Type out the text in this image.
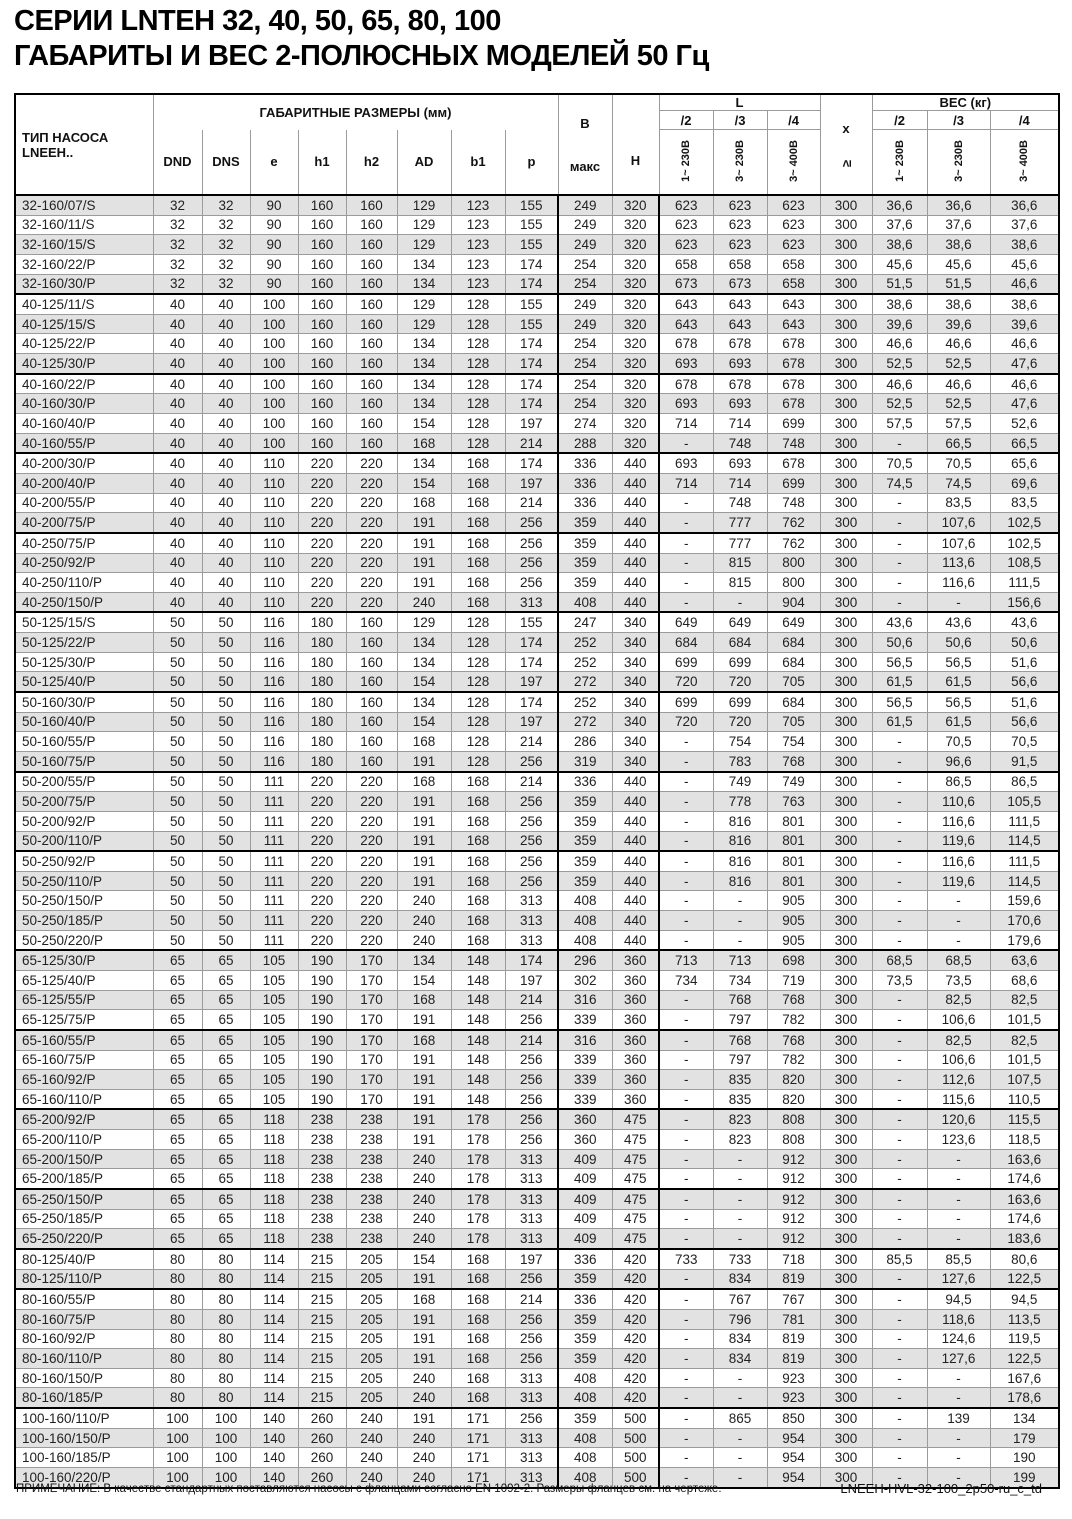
СЕРИИ LNTEH 32, 40, 50, 65, 80, 100
ГАБАРИТЫ И ВЕС 2-ПОЛЮСНЫХ МОДЕЛЕЙ 50 Гц
ТИП НАСОСА LNEEH..	ГАБАРИТНЫЕ РАЗМЕРЫ (мм)								В
макс	H	L			x
≥	ВЕС (кг)		
											/2	/3	/4		/2	/3	/4
	DND	DNS	e	h1	h2	AD	b1	p			1~ 230В	3~ 230В	3~ 400В		1~ 230В	3~ 230В	3~ 400В
32-160/07/S	32	32	90	160	160	129	123	155	249	320	623	623	623	300	36,6	36,6	36,6
32-160/11/S	32	32	90	160	160	129	123	155	249	320	623	623	623	300	37,6	37,6	37,6
32-160/15/S	32	32	90	160	160	129	123	155	249	320	623	623	623	300	38,6	38,6	38,6
32-160/22/P	32	32	90	160	160	134	123	174	254	320	658	658	658	300	45,6	45,6	45,6
32-160/30/P	32	32	90	160	160	134	123	174	254	320	673	673	658	300	51,5	51,5	46,6
40-125/11/S	40	40	100	160	160	129	128	155	249	320	643	643	643	300	38,6	38,6	38,6
40-125/15/S	40	40	100	160	160	129	128	155	249	320	643	643	643	300	39,6	39,6	39,6
40-125/22/P	40	40	100	160	160	134	128	174	254	320	678	678	678	300	46,6	46,6	46,6
40-125/30/P	40	40	100	160	160	134	128	174	254	320	693	693	678	300	52,5	52,5	47,6
40-160/22/P	40	40	100	160	160	134	128	174	254	320	678	678	678	300	46,6	46,6	46,6
40-160/30/P	40	40	100	160	160	134	128	174	254	320	693	693	678	300	52,5	52,5	47,6
40-160/40/P	40	40	100	160	160	154	128	197	274	320	714	714	699	300	57,5	57,5	52,6
40-160/55/P	40	40	100	160	160	168	128	214	288	320	-	748	748	300	-	66,5	66,5
40-200/30/P	40	40	110	220	220	134	168	174	336	440	693	693	678	300	70,5	70,5	65,6
40-200/40/P	40	40	110	220	220	154	168	197	336	440	714	714	699	300	74,5	74,5	69,6
40-200/55/P	40	40	110	220	220	168	168	214	336	440	-	748	748	300	-	83,5	83,5
40-200/75/P	40	40	110	220	220	191	168	256	359	440	-	777	762	300	-	107,6	102,5
40-250/75/P	40	40	110	220	220	191	168	256	359	440	-	777	762	300	-	107,6	102,5
40-250/92/P	40	40	110	220	220	191	168	256	359	440	-	815	800	300	-	113,6	108,5
40-250/110/P	40	40	110	220	220	191	168	256	359	440	-	815	800	300	-	116,6	111,5
40-250/150/P	40	40	110	220	220	240	168	313	408	440	-	-	904	300	-	-	156,6
50-125/15/S	50	50	116	180	160	129	128	155	247	340	649	649	649	300	43,6	43,6	43,6
50-125/22/P	50	50	116	180	160	134	128	174	252	340	684	684	684	300	50,6	50,6	50,6
50-125/30/P	50	50	116	180	160	134	128	174	252	340	699	699	684	300	56,5	56,5	51,6
50-125/40/P	50	50	116	180	160	154	128	197	272	340	720	720	705	300	61,5	61,5	56,6
50-160/30/P	50	50	116	180	160	134	128	174	252	340	699	699	684	300	56,5	56,5	51,6
50-160/40/P	50	50	116	180	160	154	128	197	272	340	720	720	705	300	61,5	61,5	56,6
50-160/55/P	50	50	116	180	160	168	128	214	286	340	-	754	754	300	-	70,5	70,5
50-160/75/P	50	50	116	180	160	191	128	256	319	340	-	783	768	300	-	96,6	91,5
50-200/55/P	50	50	111	220	220	168	168	214	336	440	-	749	749	300	-	86,5	86,5
50-200/75/P	50	50	111	220	220	191	168	256	359	440	-	778	763	300	-	110,6	105,5
50-200/92/P	50	50	111	220	220	191	168	256	359	440	-	816	801	300	-	116,6	111,5
50-200/110/P	50	50	111	220	220	191	168	256	359	440	-	816	801	300	-	119,6	114,5
50-250/92/P	50	50	111	220	220	191	168	256	359	440	-	816	801	300	-	116,6	111,5
50-250/110/P	50	50	111	220	220	191	168	256	359	440	-	816	801	300	-	119,6	114,5
50-250/150/P	50	50	111	220	220	240	168	313	408	440	-	-	905	300	-	-	159,6
50-250/185/P	50	50	111	220	220	240	168	313	408	440	-	-	905	300	-	-	170,6
50-250/220/P	50	50	111	220	220	240	168	313	408	440	-	-	905	300	-	-	179,6
65-125/30/P	65	65	105	190	170	134	148	174	296	360	713	713	698	300	68,5	68,5	63,6
65-125/40/P	65	65	105	190	170	154	148	197	302	360	734	734	719	300	73,5	73,5	68,6
65-125/55/P	65	65	105	190	170	168	148	214	316	360	-	768	768	300	-	82,5	82,5
65-125/75/P	65	65	105	190	170	191	148	256	339	360	-	797	782	300	-	106,6	101,5
65-160/55/P	65	65	105	190	170	168	148	214	316	360	-	768	768	300	-	82,5	82,5
65-160/75/P	65	65	105	190	170	191	148	256	339	360	-	797	782	300	-	106,6	101,5
65-160/92/P	65	65	105	190	170	191	148	256	339	360	-	835	820	300	-	112,6	107,5
65-160/110/P	65	65	105	190	170	191	148	256	339	360	-	835	820	300	-	115,6	110,5
65-200/92/P	65	65	118	238	238	191	178	256	360	475	-	823	808	300	-	120,6	115,5
65-200/110/P	65	65	118	238	238	191	178	256	360	475	-	823	808	300	-	123,6	118,5
65-200/150/P	65	65	118	238	238	240	178	313	409	475	-	-	912	300	-	-	163,6
65-200/185/P	65	65	118	238	238	240	178	313	409	475	-	-	912	300	-	-	174,6
65-250/150/P	65	65	118	238	238	240	178	313	409	475	-	-	912	300	-	-	163,6
65-250/185/P	65	65	118	238	238	240	178	313	409	475	-	-	912	300	-	-	174,6
65-250/220/P	65	65	118	238	238	240	178	313	409	475	-	-	912	300	-	-	183,6
80-125/40/P	80	80	114	215	205	154	168	197	336	420	733	733	718	300	85,5	85,5	80,6
80-125/110/P	80	80	114	215	205	191	168	256	359	420	-	834	819	300	-	127,6	122,5
80-160/55/P	80	80	114	215	205	168	168	214	336	420	-	767	767	300	-	94,5	94,5
80-160/75/P	80	80	114	215	205	191	168	256	359	420	-	796	781	300	-	118,6	113,5
80-160/92/P	80	80	114	215	205	191	168	256	359	420	-	834	819	300	-	124,6	119,5
80-160/110/P	80	80	114	215	205	191	168	256	359	420	-	834	819	300	-	127,6	122,5
80-160/150/P	80	80	114	215	205	240	168	313	408	420	-	-	923	300	-	-	167,6
80-160/185/P	80	80	114	215	205	240	168	313	408	420	-	-	923	300	-	-	178,6
100-160/110/P	100	100	140	260	240	191	171	256	359	500	-	865	850	300	-	139	134
100-160/150/P	100	100	140	260	240	240	171	313	408	500	-	-	954	300	-	-	179
100-160/185/P	100	100	140	260	240	240	171	313	408	500	-	-	954	300	-	-	190
100-160/220/P	100	100	140	260	240	240	171	313	408	500	-	-	954	300	-	-	199
ПРИМЕЧАНИЕ: В качестве стандартных поставляются насосы с фланцами согласно EN 1092-2. Размеры фланцев см. на чертеже.	LNEEH-HVL-32-100_2p50-ru_c_td
